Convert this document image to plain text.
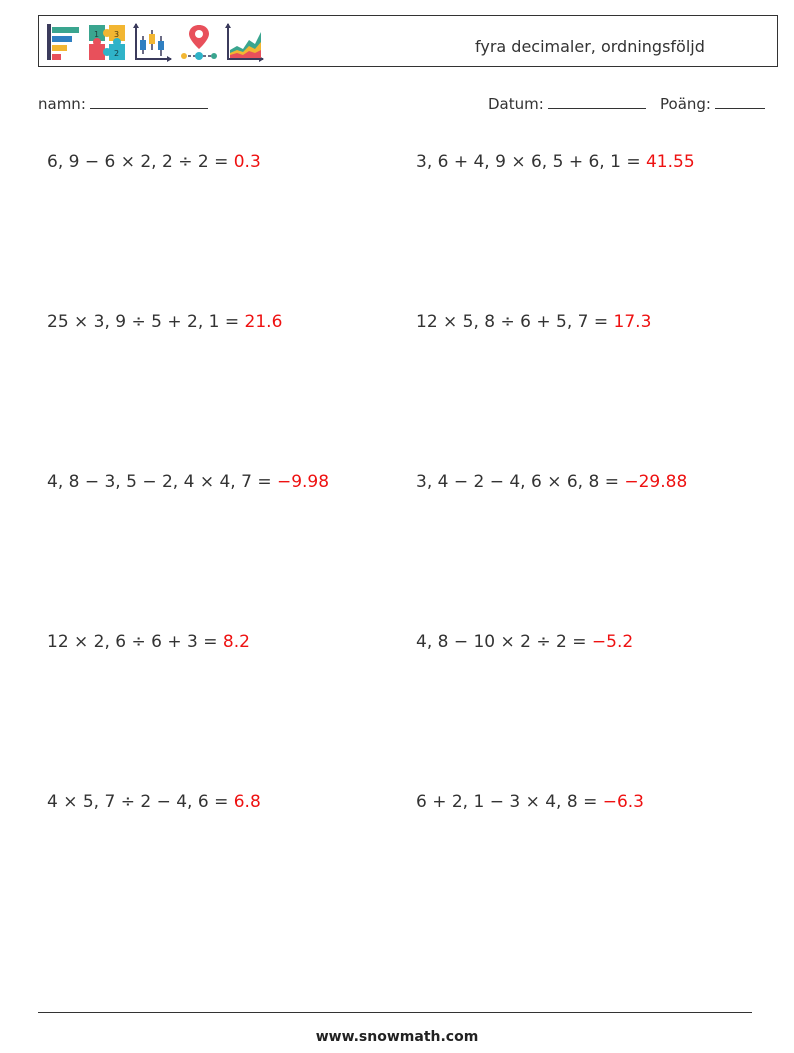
1 3
2	fyra decimaler, ordningsföljd
namn:	Datum:	Poäng:
6, 9 − 6 × 2, 2 ÷ 2 = 0.3	3, 6 + 4, 9 × 6, 5 + 6, 1 = 41.55
25 × 3, 9 ÷ 5 + 2, 1 = 21.6	12 × 5, 8 ÷ 6 + 5, 7 = 17.3
4, 8 − 3, 5 − 2, 4 × 4, 7 = −9.98	3, 4 − 2 − 4, 6 × 6, 8 = −29.88
12 × 2, 6 ÷ 6 + 3 = 8.2	4, 8 − 10 × 2 ÷ 2 = −5.2
4 × 5, 7 ÷ 2 − 4, 6 = 6.8	6 + 2, 1 − 3 × 4, 8 = −6.3
www.snowmath.com
